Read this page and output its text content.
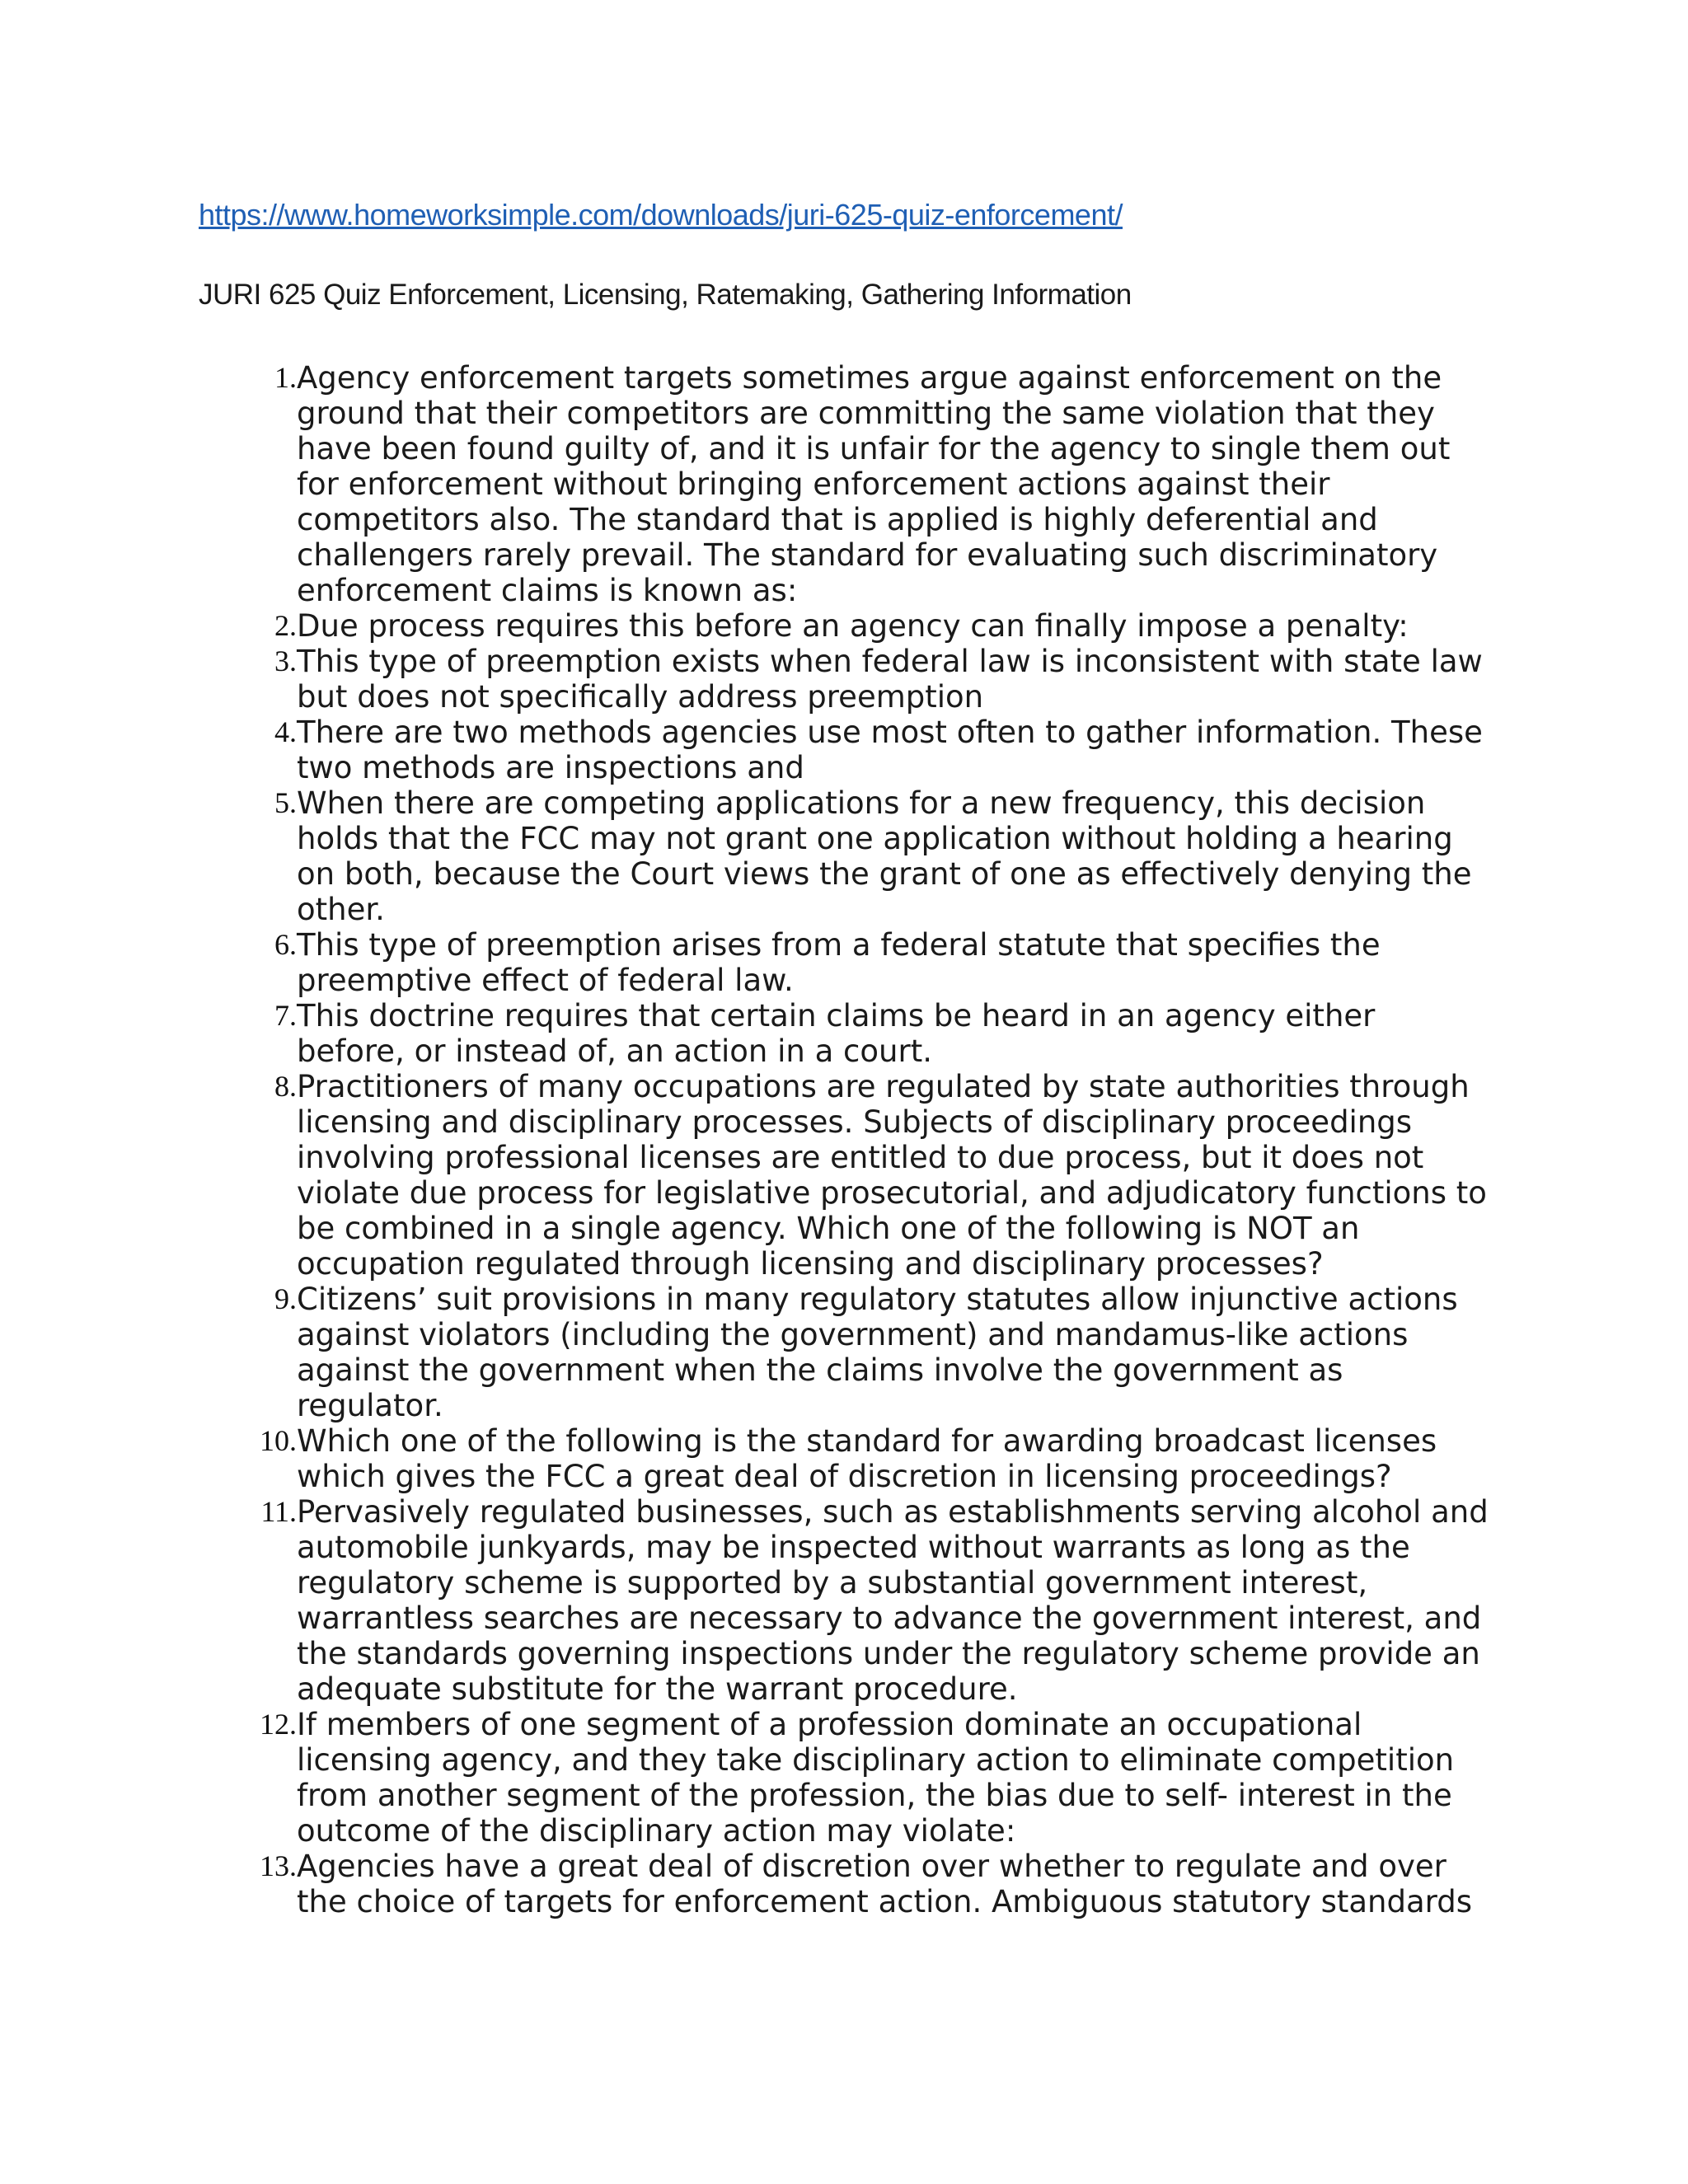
https://www.homeworksimple.com/downloads/juri-625-quiz-enforcement/
JURI 625 Quiz Enforcement, Licensing, Ratemaking, Gathering Information
1. Agency enforcement targets sometimes argue against enforcement on the
ground that their competitors are committing the same violation that they
have been found guilty of, and it is unfair for the agency to single them out
for enforcement without bringing enforcement actions against their
competitors also. The standard that is applied is highly deferential and
challengers rarely prevail. The standard for evaluating such discriminatory
enforcement claims is known as:
2. Due process requires this before an agency can finally impose a penalty:
3. This type of preemption exists when federal law is inconsistent with state law
but does not specifically address preemption
4. There are two methods agencies use most often to gather information. These
two methods are inspections and
5. When there are competing applications for a new frequency, this decision
holds that the FCC may not grant one application without holding a hearing
on both, because the Court views the grant of one as effectively denying the
other.
6. This type of preemption arises from a federal statute that specifies the
preemptive effect of federal law.
7. This doctrine requires that certain claims be heard in an agency either
before, or instead of, an action in a court.
8. Practitioners of many occupations are regulated by state authorities through
licensing and disciplinary processes. Subjects of disciplinary proceedings
involving professional licenses are entitled to due process, but it does not
violate due process for legislative prosecutorial, and adjudicatory functions to
be combined in a single agency. Which one of the following is NOT an
occupation regulated through licensing and disciplinary processes?
9. Citizens’ suit provisions in many regulatory statutes allow injunctive actions
against violators (including the government) and mandamus-like actions
against the government when the claims involve the government as
regulator.
10. Which one of the following is the standard for awarding broadcast licenses
which gives the FCC a great deal of discretion in licensing proceedings?
11. Pervasively regulated businesses, such as establishments serving alcohol and
automobile junkyards, may be inspected without warrants as long as the
regulatory scheme is supported by a substantial government interest,
warrantless searches are necessary to advance the government interest, and
the standards governing inspections under the regulatory scheme provide an
adequate substitute for the warrant procedure.
12. If members of one segment of a profession dominate an occupational
licensing agency, and they take disciplinary action to eliminate competition
from another segment of the profession, the bias due to self- interest in the
outcome of the disciplinary action may violate:
13. Agencies have a great deal of discretion over whether to regulate and over
the choice of targets for enforcement action. Ambiguous statutory standards
